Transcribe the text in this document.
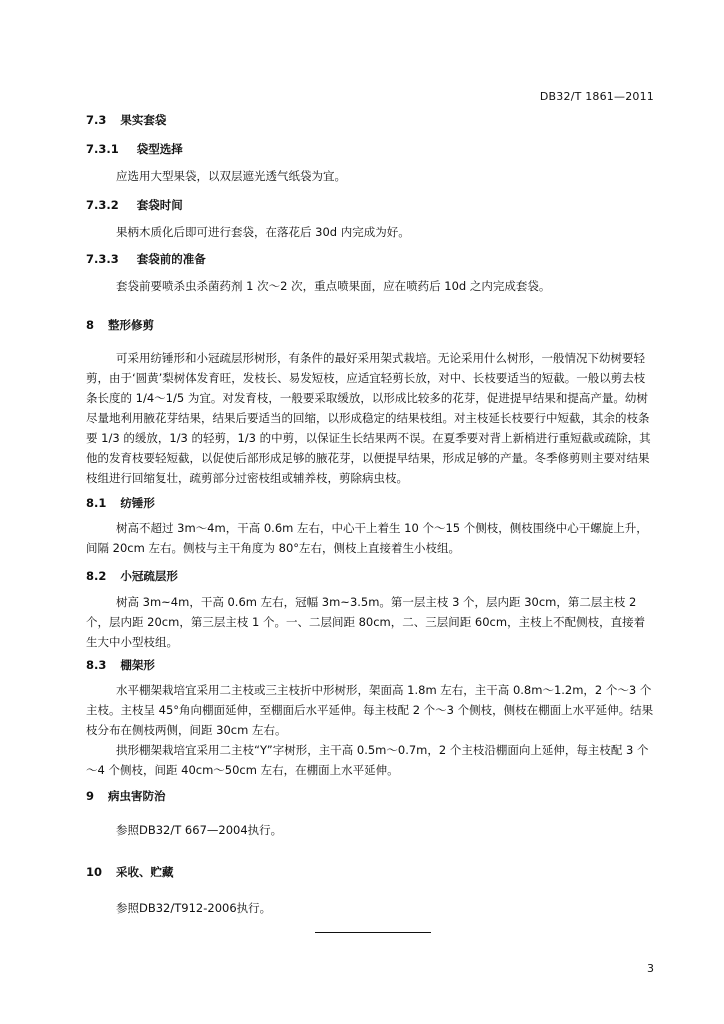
DB32/T 1861—2011
7.3 果实套袋
7.3.1 袋型选择
应选用大型果袋，以双层遮光透气纸袋为宜。
7.3.2 套袋时间
果柄木质化后即可进行套袋，在落花后 30d 内完成为好。
7.3.3 套袋前的准备
套袋前要喷杀虫杀菌药剂 1 次～2 次，重点喷果面，应在喷药后 10d 之内完成套袋。
8 整形修剪
可采用纺锤形和小冠疏层形树形，有条件的最好采用架式栽培。无论采用什么树形，一般情况下幼树要轻剪，由于‘圆黄’梨树体发育旺，发枝长、易发短枝，应适宜轻剪长放，对中、长枝要适当的短截。一般以剪去枝条长度的 1/4～1/5 为宜。对发育枝，一般要采取缓放，以形成比较多的花芽，促进提早结果和提高产量。幼树尽量地利用腋花芽结果，结果后要适当的回缩，以形成稳定的结果枝组。对主枝延长枝要行中短截，其余的枝条要 1/3 的缓放，1/3 的轻剪，1/3 的中剪，以保证生长结果两不误。在夏季要对背上新梢进行重短截或疏除，其他的发育枝要轻短截，以促使后部形成足够的腋花芽，以便提早结果，形成足够的产量。冬季修剪则主要对结果枝组进行回缩复壮，疏剪部分过密枝组或辅养枝，剪除病虫枝。
8.1 纺锤形
树高不超过 3m～4m，干高 0.6m 左右，中心干上着生 10 个～15 个侧枝，侧枝围绕中心干螺旋上升，间隔 20cm 左右。侧枝与主干角度为 80°左右，侧枝上直接着生小枝组。
8.2 小冠疏层形
树高 3m~4m，干高 0.6m 左右，冠幅 3m~3.5m。第一层主枝 3 个，层内距 30cm，第二层主枝 2 个，层内距 20cm，第三层主枝 1 个。一、二层间距 80cm，二、三层间距 60cm，主枝上不配侧枝，直接着生大中小型枝组。
8.3 棚架形
水平棚架栽培宜采用二主枝或三主枝折中形树形，架面高 1.8m 左右，主干高 0.8m～1.2m，2 个～3 个主枝。主枝呈 45°角向棚面延伸，至棚面后水平延伸。每主枝配 2 个～3 个侧枝，侧枝在棚面上水平延伸。结果枝分布在侧枝两侧，间距 30cm 左右。
拱形棚架栽培宜采用二主枝“Y”字树形，主干高 0.5m～0.7m，2 个主枝沿棚面向上延伸，每主枝配 3 个～4 个侧枝，间距 40cm～50cm 左右，在棚面上水平延伸。
9 病虫害防治
参照DB32/T 667—2004执行。
10 采收、贮藏
参照DB32/T912-2006执行。
3
